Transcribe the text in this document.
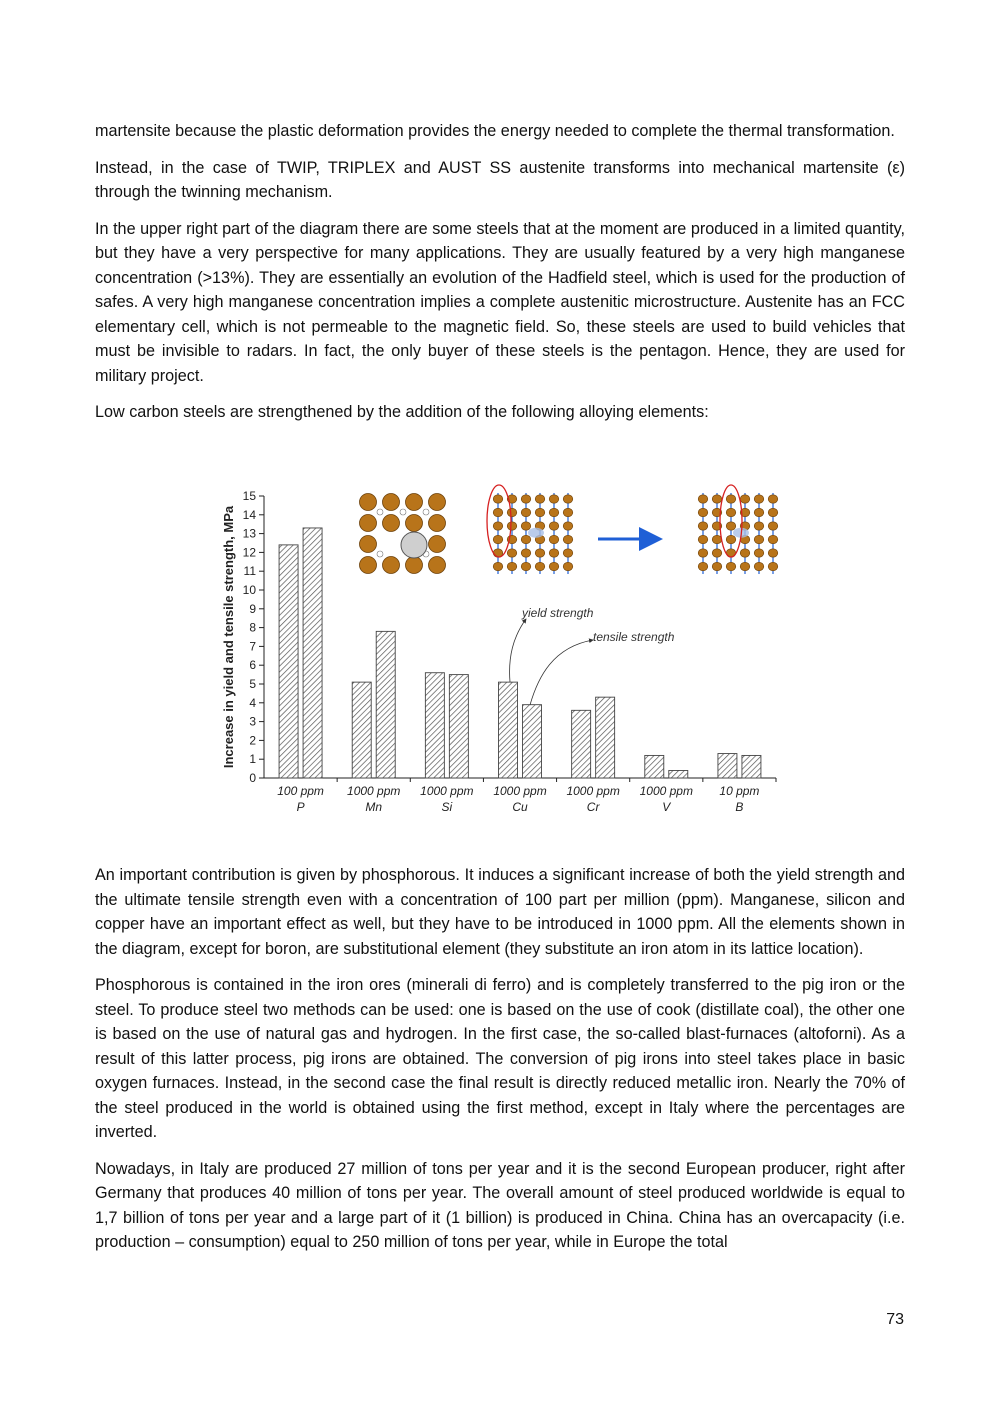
martensite because the plastic deformation provides the energy needed to complete the thermal transformation.

Instead, in the case of TWIP, TRIPLEX and AUST SS austenite transforms into mechanical martensite (ε) through the twinning mechanism.

In the upper right part of the diagram there are some steels that at the moment are produced in a limited quantity, but they have a very perspective for many applications. They are usually featured by a very high manganese concentration (>13%). They are essentially an evolution of the Hadfield steel, which is used for the production of safes. A very high manganese concentration implies a complete austenitic microstructure. Austenite has an FCC elementary cell, which is not permeable to the magnetic field. So, these steels are used to build vehicles that must be invisible to radars. In fact, the only buyer of these steels is the pentagon. Hence, they are used for military project.

Low carbon steels are strengthened by the addition of the following alloying elements:

0
1
2
3
4
5
6
7
8
9
10
11
12
13
14
15
Increase in yield and tensile strength, MPa
100 ppm
P
1000 ppm
Mn
1000 ppm
Si
1000 ppm
Cu
1000 ppm
Cr
1000 ppm
V
10 ppm
B
yield strength
tensile strength

An important contribution is given by phosphorous. It induces a significant increase of both the yield strength and the ultimate tensile strength even with a concentration of 100 part per million (ppm). Manganese, silicon and copper have an important effect as well, but they have to be introduced in 1000 ppm. All the elements shown in the diagram, except for boron, are substitutional element (they substitute an iron atom in its lattice location).

Phosphorous is contained in the iron ores (minerali di ferro) and is completely transferred to the pig iron or the steel. To produce steel two methods can be used: one is based on the use of cook (distillate coal), the other one is based on the use of natural gas and hydrogen. In the first case, the so-called blast-furnaces (altoforni). As a result of this latter process, pig irons are obtained. The conversion of pig irons into steel takes place in basic oxygen furnaces. Instead, in the second case the final result is directly reduced metallic iron. Nearly the 70% of the steel produced in the world is obtained using the first method, except in Italy where the percentages are inverted.

Nowadays, in Italy are produced 27 million of tons per year and it is the second European producer, right after Germany that produces 40 million of tons per year. The overall amount of steel produced worldwide is equal to 1,7 billion of tons per year and a large part of it (1 billion) is produced in China. China has an overcapacity (i.e. production – consumption) equal to 250 million of tons per year, while in Europe the total

73
